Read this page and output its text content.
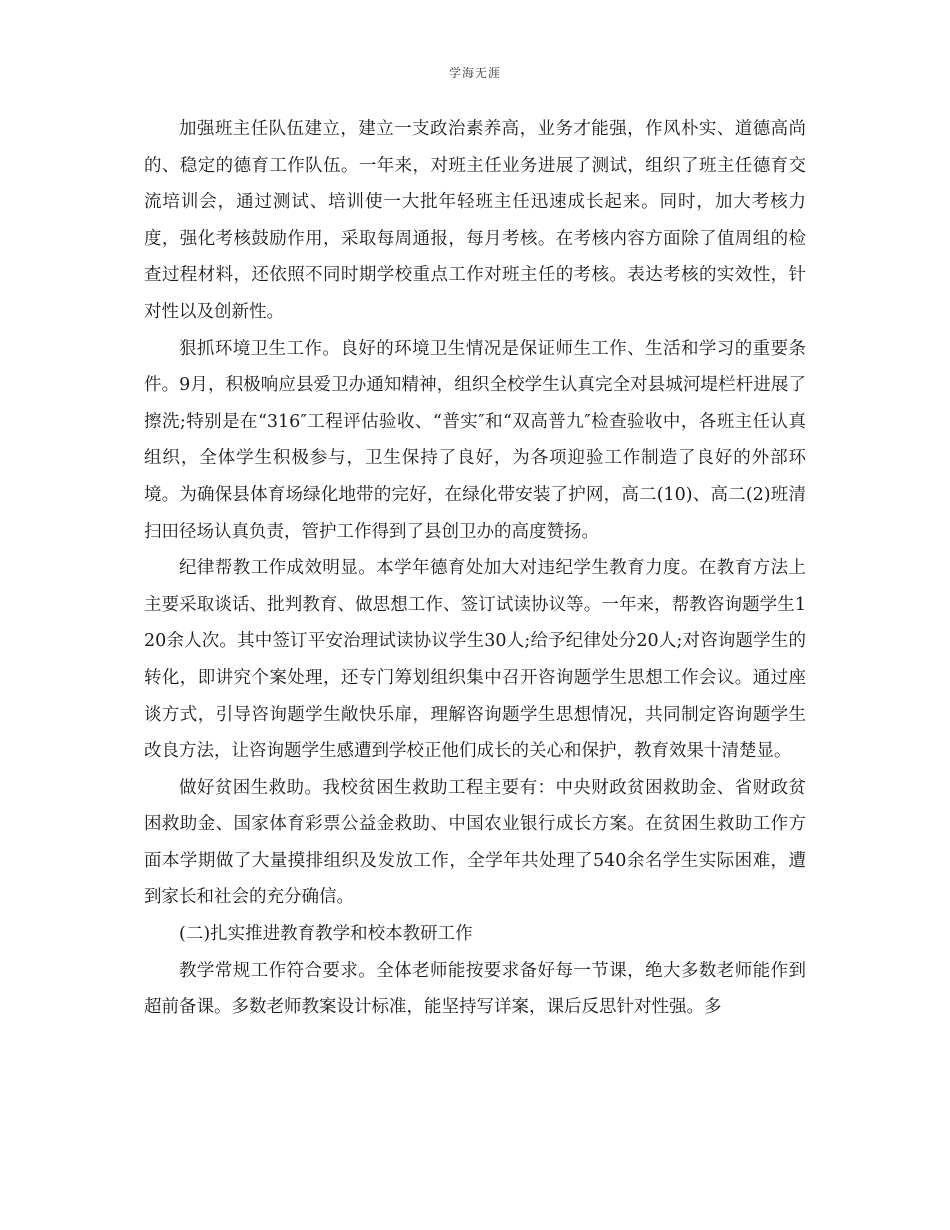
学海无涯

加强班主任队伍建立，建立一支政治素养高，业务才能强，作风朴实、道德高尚的、稳定的德育工作队伍。一年来，对班主任业务进展了测试，组织了班主任德育交流培训会，通过测试、培训使一大批年轻班主任迅速成长起来。同时，加大考核力度，强化考核鼓励作用，采取每周通报，每月考核。在考核内容方面除了值周组的检查过程材料，还依照不同时期学校重点工作对班主任的考核。表达考核的实效性，针对性以及创新性。

狠抓环境卫生工作。良好的环境卫生情况是保证师生工作、生活和学习的重要条件。9月，积极响应县爱卫办通知精神，组织全校学生认真完全对县城河堤栏杆进展了擦洗;特别是在“316″工程评估验收、“普实″和“双高普九″检查验收中，各班主任认真组织，全体学生积极参与，卫生保持了良好，为各项迎验工作制造了良好的外部环境。为确保县体育场绿化地带的完好，在绿化带安装了护网，高二(10)、高二(2)班清扫田径场认真负责，管护工作得到了县创卫办的高度赞扬。

纪律帮教工作成效明显。本学年德育处加大对违纪学生教育力度。在教育方法上主要采取谈话、批判教育、做思想工作、签订试读协议等。一年来，帮教咨询题学生120余人次。其中签订平安治理试读协议学生30人;给予纪律处分20人;对咨询题学生的转化，即讲究个案处理，还专门筹划组织集中召开咨询题学生思想工作会议。通过座谈方式，引导咨询题学生敞快乐扉，理解咨询题学生思想情况，共同制定咨询题学生改良方法，让咨询题学生感遭到学校正他们成长的关心和保护，教育效果十清楚显。

做好贫困生救助。我校贫困生救助工程主要有：中央财政贫困救助金、省财政贫困救助金、国家体育彩票公益金救助、中国农业银行成长方案。在贫困生救助工作方面本学期做了大量摸排组织及发放工作，全学年共处理了540余名学生实际困难，遭到家长和社会的充分确信。

(二)扎实推进教育教学和校本教研工作

教学常规工作符合要求。全体老师能按要求备好每一节课，绝大多数老师能作到超前备课。多数老师教案设计标准，能坚持写详案，课后反思针对性强。多
